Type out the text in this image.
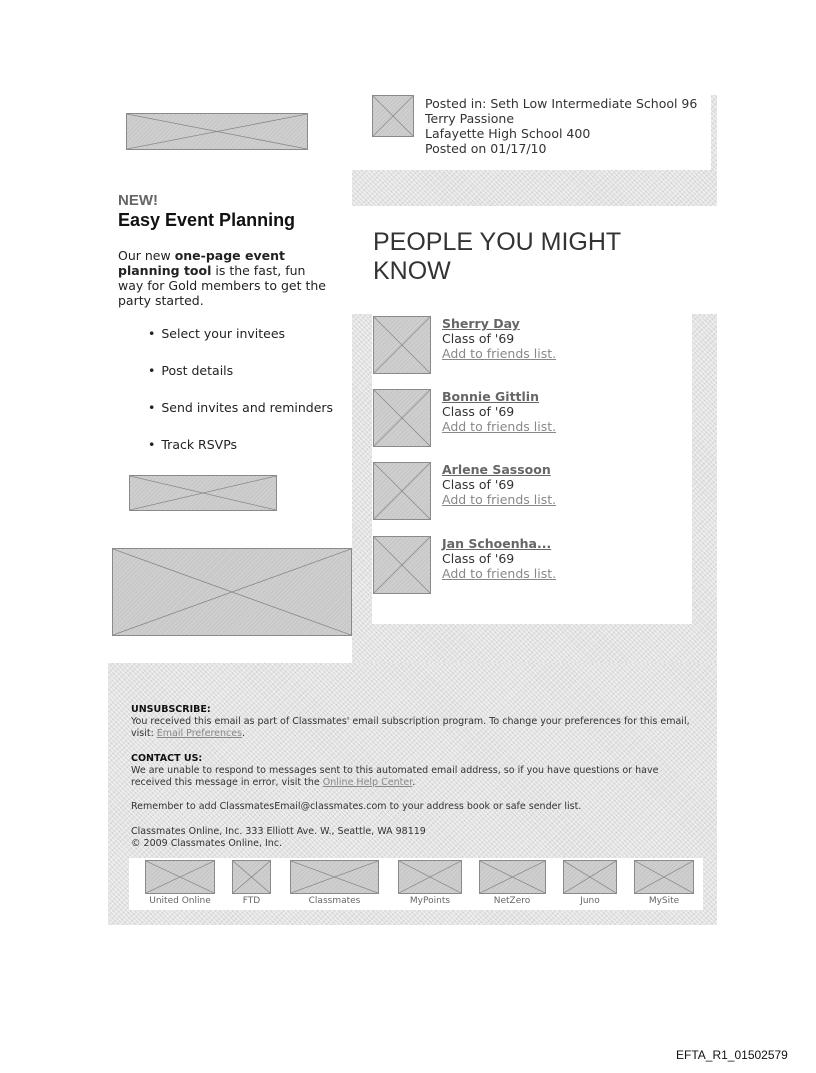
Posted in: Seth Low Intermediate School 96
Terry Passione
Lafayette High School 400
Posted on 01/17/10
NEW!
Easy Event Planning
Our new one-page event planning tool is the fast, fun way for Gold members to get the party started.
• Select your invitees
• Post details
• Send invites and reminders
• Track RSVPs
PEOPLE YOU MIGHT KNOW
Sherry Day
Class of '69
Add to friends list.
Bonnie Gittlin
Class of '69
Add to friends list.
Arlene Sassoon
Class of '69
Add to friends list.
Jan Schoenha...
Class of '69
Add to friends list.
UNSUBSCRIBE:
You received this email as part of Classmates' email subscription program. To change your preferences for this email, visit: Email Preferences.
CONTACT US:
We are unable to respond to messages sent to this automated email address, so if you have questions or have received this message in error, visit the Online Help Center.
Remember to add ClassmatesEmail@classmates.com to your address book or safe sender list.
Classmates Online, Inc. 333 Elliott Ave. W., Seattle, WA 98119
© 2009 Classmates Online, Inc.
United Online	FTD	Classmates	MyPoints	NetZero	Juno	MySite
EFTA_R1_01502579
